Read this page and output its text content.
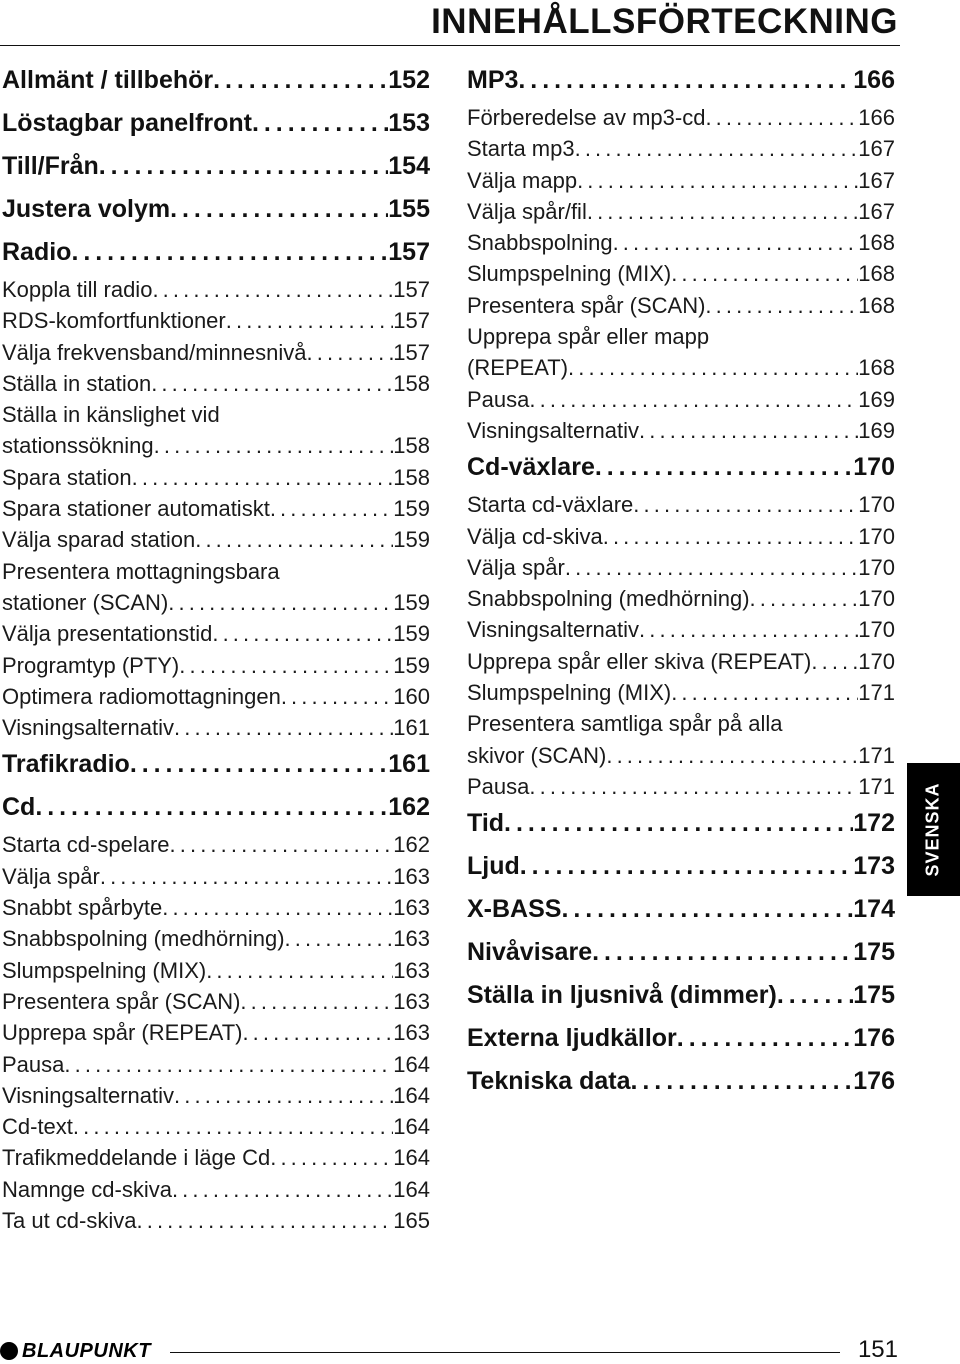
INNEHÅLLSFÖRTECKNING
Allmänt / tillbehör . . .	152
Löstagbar panelfront . . .	153
Till/Från . . .	154
Justera volym . . .	155
Radio . . .	157
Koppla till radio . . .	157
RDS-komfortfunktioner . . .	157
Välja frekvensband/minnesnivå . . .	157
Ställa in station . . .	158
Ställa in känslighet vid
stationssökning . . .	158
Spara station . . .	158
Spara stationer automatiskt . . .	159
Välja sparad station . . .	159
Presentera mottagningsbara
stationer (SCAN) . . .	159
Välja presentationstid . . .	159
Programtyp (PTY) . . .	159
Optimera radiomottagningen . . .	160
Visningsalternativ . . .	161
Trafikradio . . .	161
Cd . . .	162
Starta cd-spelare . . .	162
Välja spår . . .	163
Snabbt spårbyte . . .	163
Snabbspolning (medhörning) . . .	163
Slumpspelning (MIX) . . .	163
Presentera spår (SCAN) . . .	163
Upprepa spår (REPEAT) . . .	163
Pausa . . .	164
Visningsalternativ . . .	164
Cd-text . . .	164
Trafikmeddelande i läge Cd . . .	164
Namnge cd-skiva . . .	164
Ta ut cd-skiva . . .	165
MP3 . . .	166
Förberedelse av mp3-cd . . .	166
Starta mp3 . . .	167
Välja mapp . . .	167
Välja spår/fil . . .	167
Snabbspolning . . .	168
Slumpspelning (MIX) . . .	168
Presentera spår (SCAN) . . .	168
Upprepa spår eller mapp
(REPEAT) . . .	168
Pausa . . .	169
Visningsalternativ . . .	169
Cd-växlare . . .	170
Starta cd-växlare . . .	170
Välja cd-skiva . . .	170
Välja spår . . .	170
Snabbspolning (medhörning) . . .	170
Visningsalternativ . . .	170
Upprepa spår eller skiva (REPEAT) . . . 170
Slumpspelning (MIX) . . .	171
Presentera samtliga spår på alla
skivor (SCAN) . . .	171
Pausa . . .	171
Tid . . .	172
Ljud . . .	173
X-BASS . . .	174
Nivåvisare . . .	175
Ställa in ljusnivå (dimmer) . . .	175
Externa ljudkällor . . .	176
Tekniska data . . .	176
SVENSKA
BLAUPUNKT	151
